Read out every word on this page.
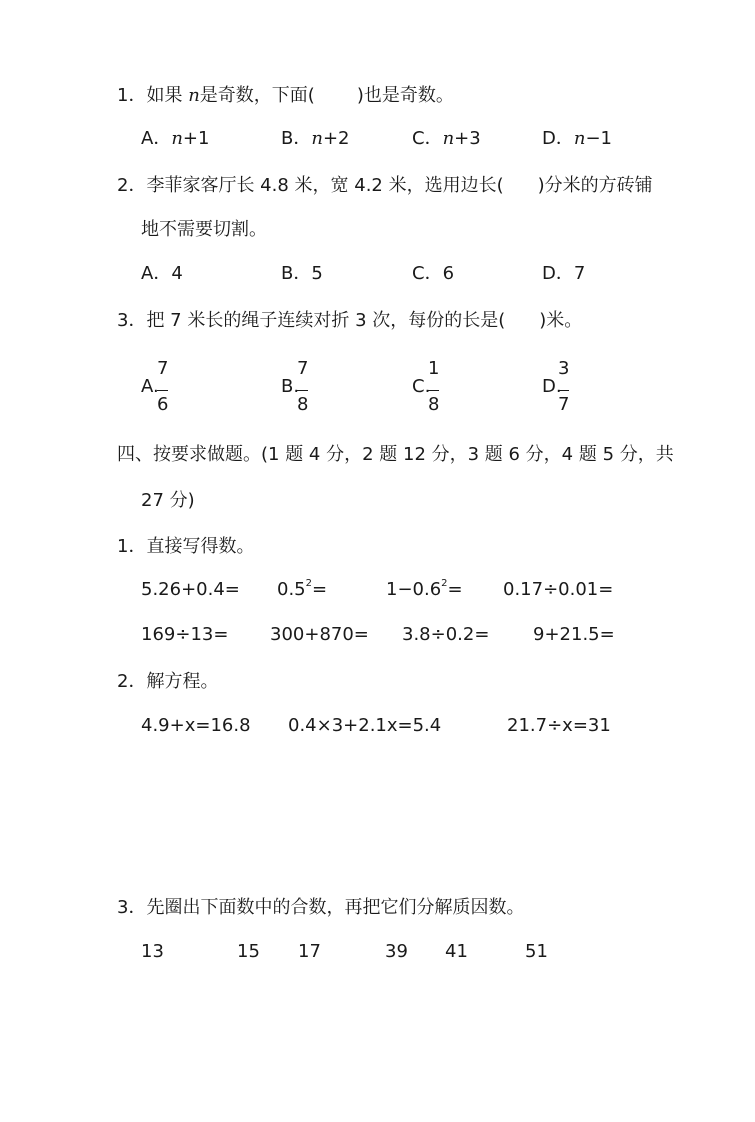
1．如果 n是奇数，下面( )也是奇数。
A．n+1	B．n+2	C．n+3	D．n−1
2．李菲家客厅长 4.8 米，宽 4.2 米，选用边长( )分米的方砖铺
地不需要切割。
A．4	B．5	C．6	D．7
3．把 7 米长的绳子连续对折 3 次，每份的长是( )米。
A.
7
6
B.
7
8
C.
1
8
D.
3
7
四、按要求做题。(1 题 4 分，2 题 12 分，3 题 6 分，4 题 5 分，共
27 分)
1．直接写得数。
$5.26+0.4= 0.5^2=$	$1-0.6^2= 0.17\div 0.01=$
169÷13= 300+870= 3.8÷0.2= 9+21.5=
2．解方程。
4.9+x=16.8 0.4×3+2.1x=5.4	21.7÷x=31
3．先圈出下面数中的合数，再把它们分解质因数。
13	15 17	39 41	51
